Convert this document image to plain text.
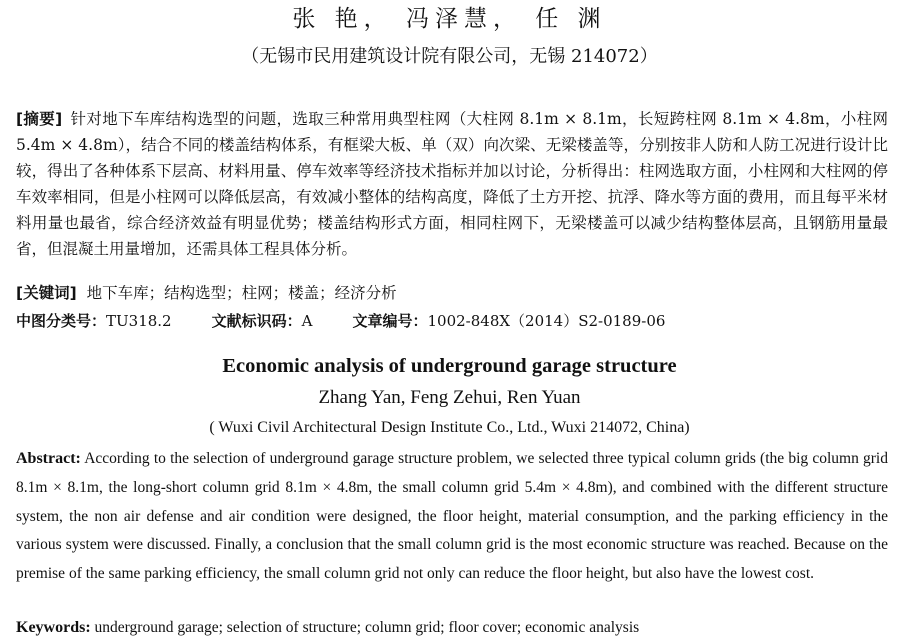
张 艳， 冯泽慧， 任 渊
（无锡市民用建筑设计院有限公司，无锡 214072）
[摘要] 针对地下车库结构选型的问题，选取三种常用典型柱网（大柱网 8.1m × 8.1m，长短跨柱网 8.1m × 4.8m，小柱网 5.4m × 4.8m），结合不同的楼盖结构体系，有框梁大板、单（双）向次梁、无梁楼盖等，分别按非人防和人防工况进行设计比较，得出了各种体系下层高、材料用量、停车效率等经济技术指标并加以讨论，分析得出：柱网选取方面，小柱网和大柱网的停车效率相同，但是小柱网可以降低层高，有效减小整体的结构高度，降低了土方开挖、抗浮、降水等方面的费用，而且每平米材料用量也最省，综合经济效益有明显优势；楼盖结构形式方面，相同柱网下，无梁楼盖可以减少结构整体层高，且钢筋用量最省，但混凝土用量增加，还需具体工程具体分析。
[关键词] 地下车库；结构选型；柱网；楼盖；经济分析
中图分类号：TU318.2	文献标识码：A	文章编号：1002-848X（2014）S2-0189-06
Economic analysis of underground garage structure
Zhang Yan, Feng Zehui, Ren Yuan
( Wuxi Civil Architectural Design Institute Co., Ltd., Wuxi 214072, China)
Abstract: According to the selection of underground garage structure problem, we selected three typical column grids (the big column grid 8.1m × 8.1m, the long-short column grid 8.1m × 4.8m, the small column grid 5.4m × 4.8m), and combined with the different structure system, the non air defense and air condition were designed, the floor height, material consumption, and the parking efficiency in the various system were discussed. Finally, a conclusion that the small column grid is the most economic structure was reached. Because on the premise of the same parking efficiency, the small column grid not only can reduce the floor height, but also have the lowest cost.
Keywords: underground garage; selection of structure; column grid; floor cover; economic analysis
